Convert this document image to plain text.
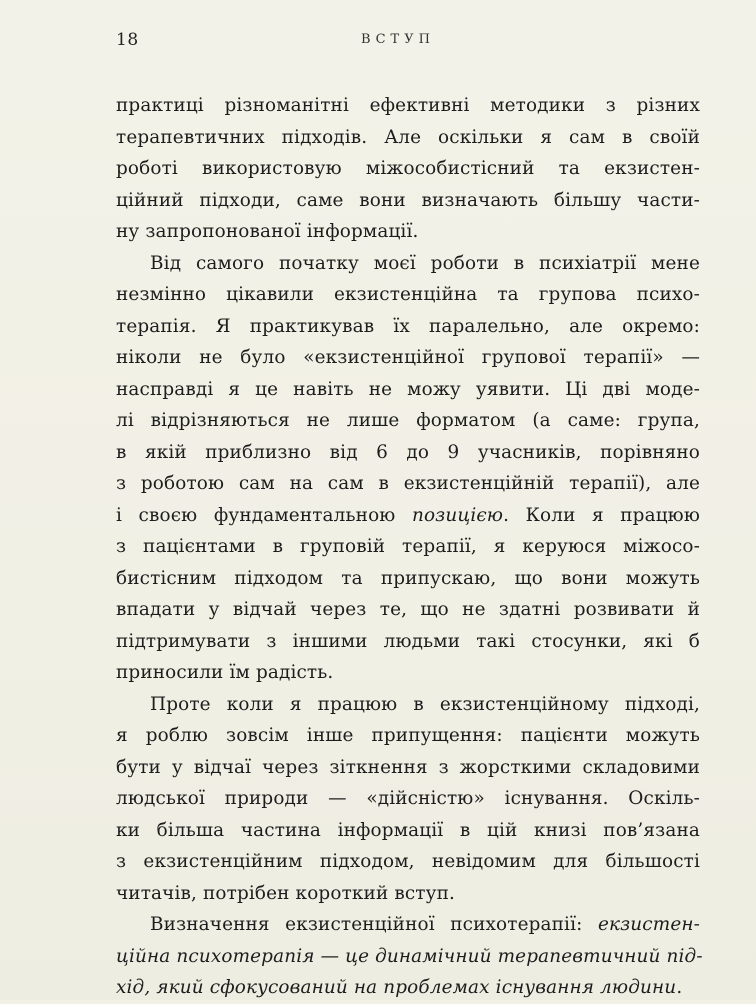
18	ВСТУП
практиці різноманітні ефективні методики з різних
терапевтичних підходів. Але оскільки я сам в своїй
роботі використовую міжособистісний та екзистен-
ційний підходи, саме вони визначають більшу части-
ну запропонованої інформації.
Від самого початку моєї роботи в психіатрії мене
незмінно цікавили екзистенційна та групова психо-
терапія. Я практикував їх паралельно, але окремо:
ніколи не було «екзистенційної групової терапії» —
насправді я це навіть не можу уявити. Ці дві моде-
лі відрізняються не лише форматом (а саме: група,
в якій приблизно від 6 до 9 учасників, порівняно
з роботою сам на сам в екзистенційній терапії), але
і своєю фундаментальною позицією. Коли я працюю
з пацієнтами в груповій терапії, я керуюся міжосо-
бистісним підходом та припускаю, що вони можуть
впадати у відчай через те, що не здатні розвивати й
підтримувати з іншими людьми такі стосунки, які б
приносили їм радість.
Проте коли я працюю в екзистенційному підході,
я роблю зовсім інше припущення: пацієнти можуть
бути у відчаї через зіткнення з жорсткими складовими
людської природи — «дійсністю» існування. Оскіль-
ки більша частина інформації в цій книзі пов’язана
з екзистенційним підходом, невідомим для більшості
читачів, потрібен короткий вступ.
Визначення екзистенційної психотерапії: екзистен-
ційна психотерапія — це динамічний терапевтичний під-
хід, який сфокусований на проблемах існування людини.
